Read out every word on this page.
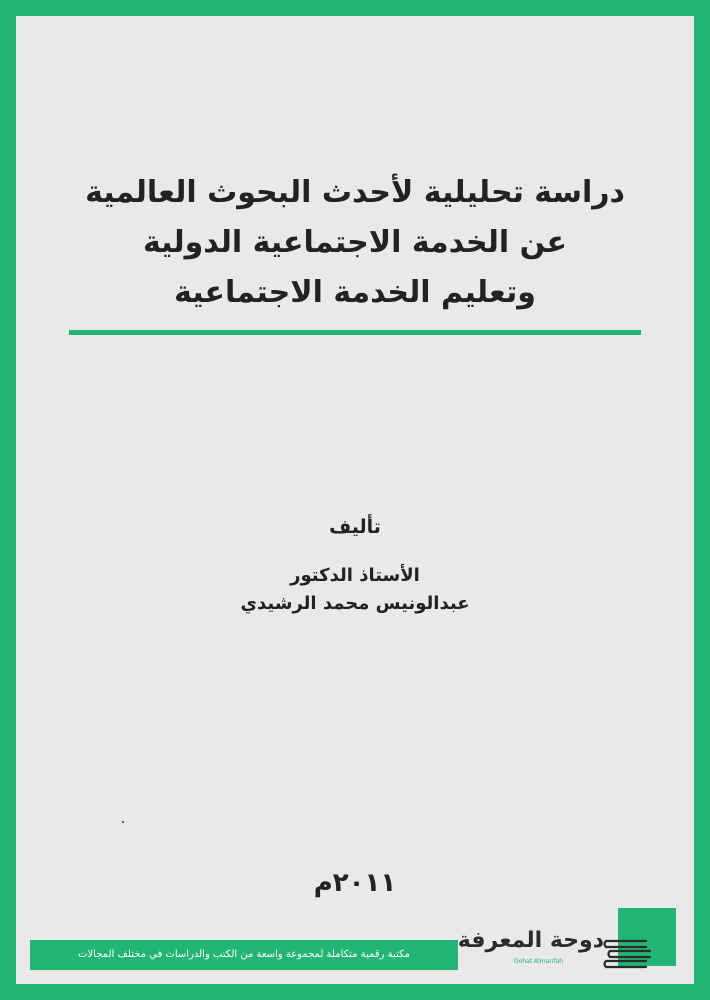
دراسة تحليلية لأحدث البحوث العالمية
عن الخدمة الاجتماعية الدولية
وتعليم الخدمة الاجتماعية
تأليف
الأستاذ الدكتور
عبدالونيس محمد الرشيدي
٢٠١١م
مكتبة رقمية متكاملة لمجموعة واسعة من الكتب والدراسات في مختلف المجالات
دوحة المعرفة
Dohat Almarifah
